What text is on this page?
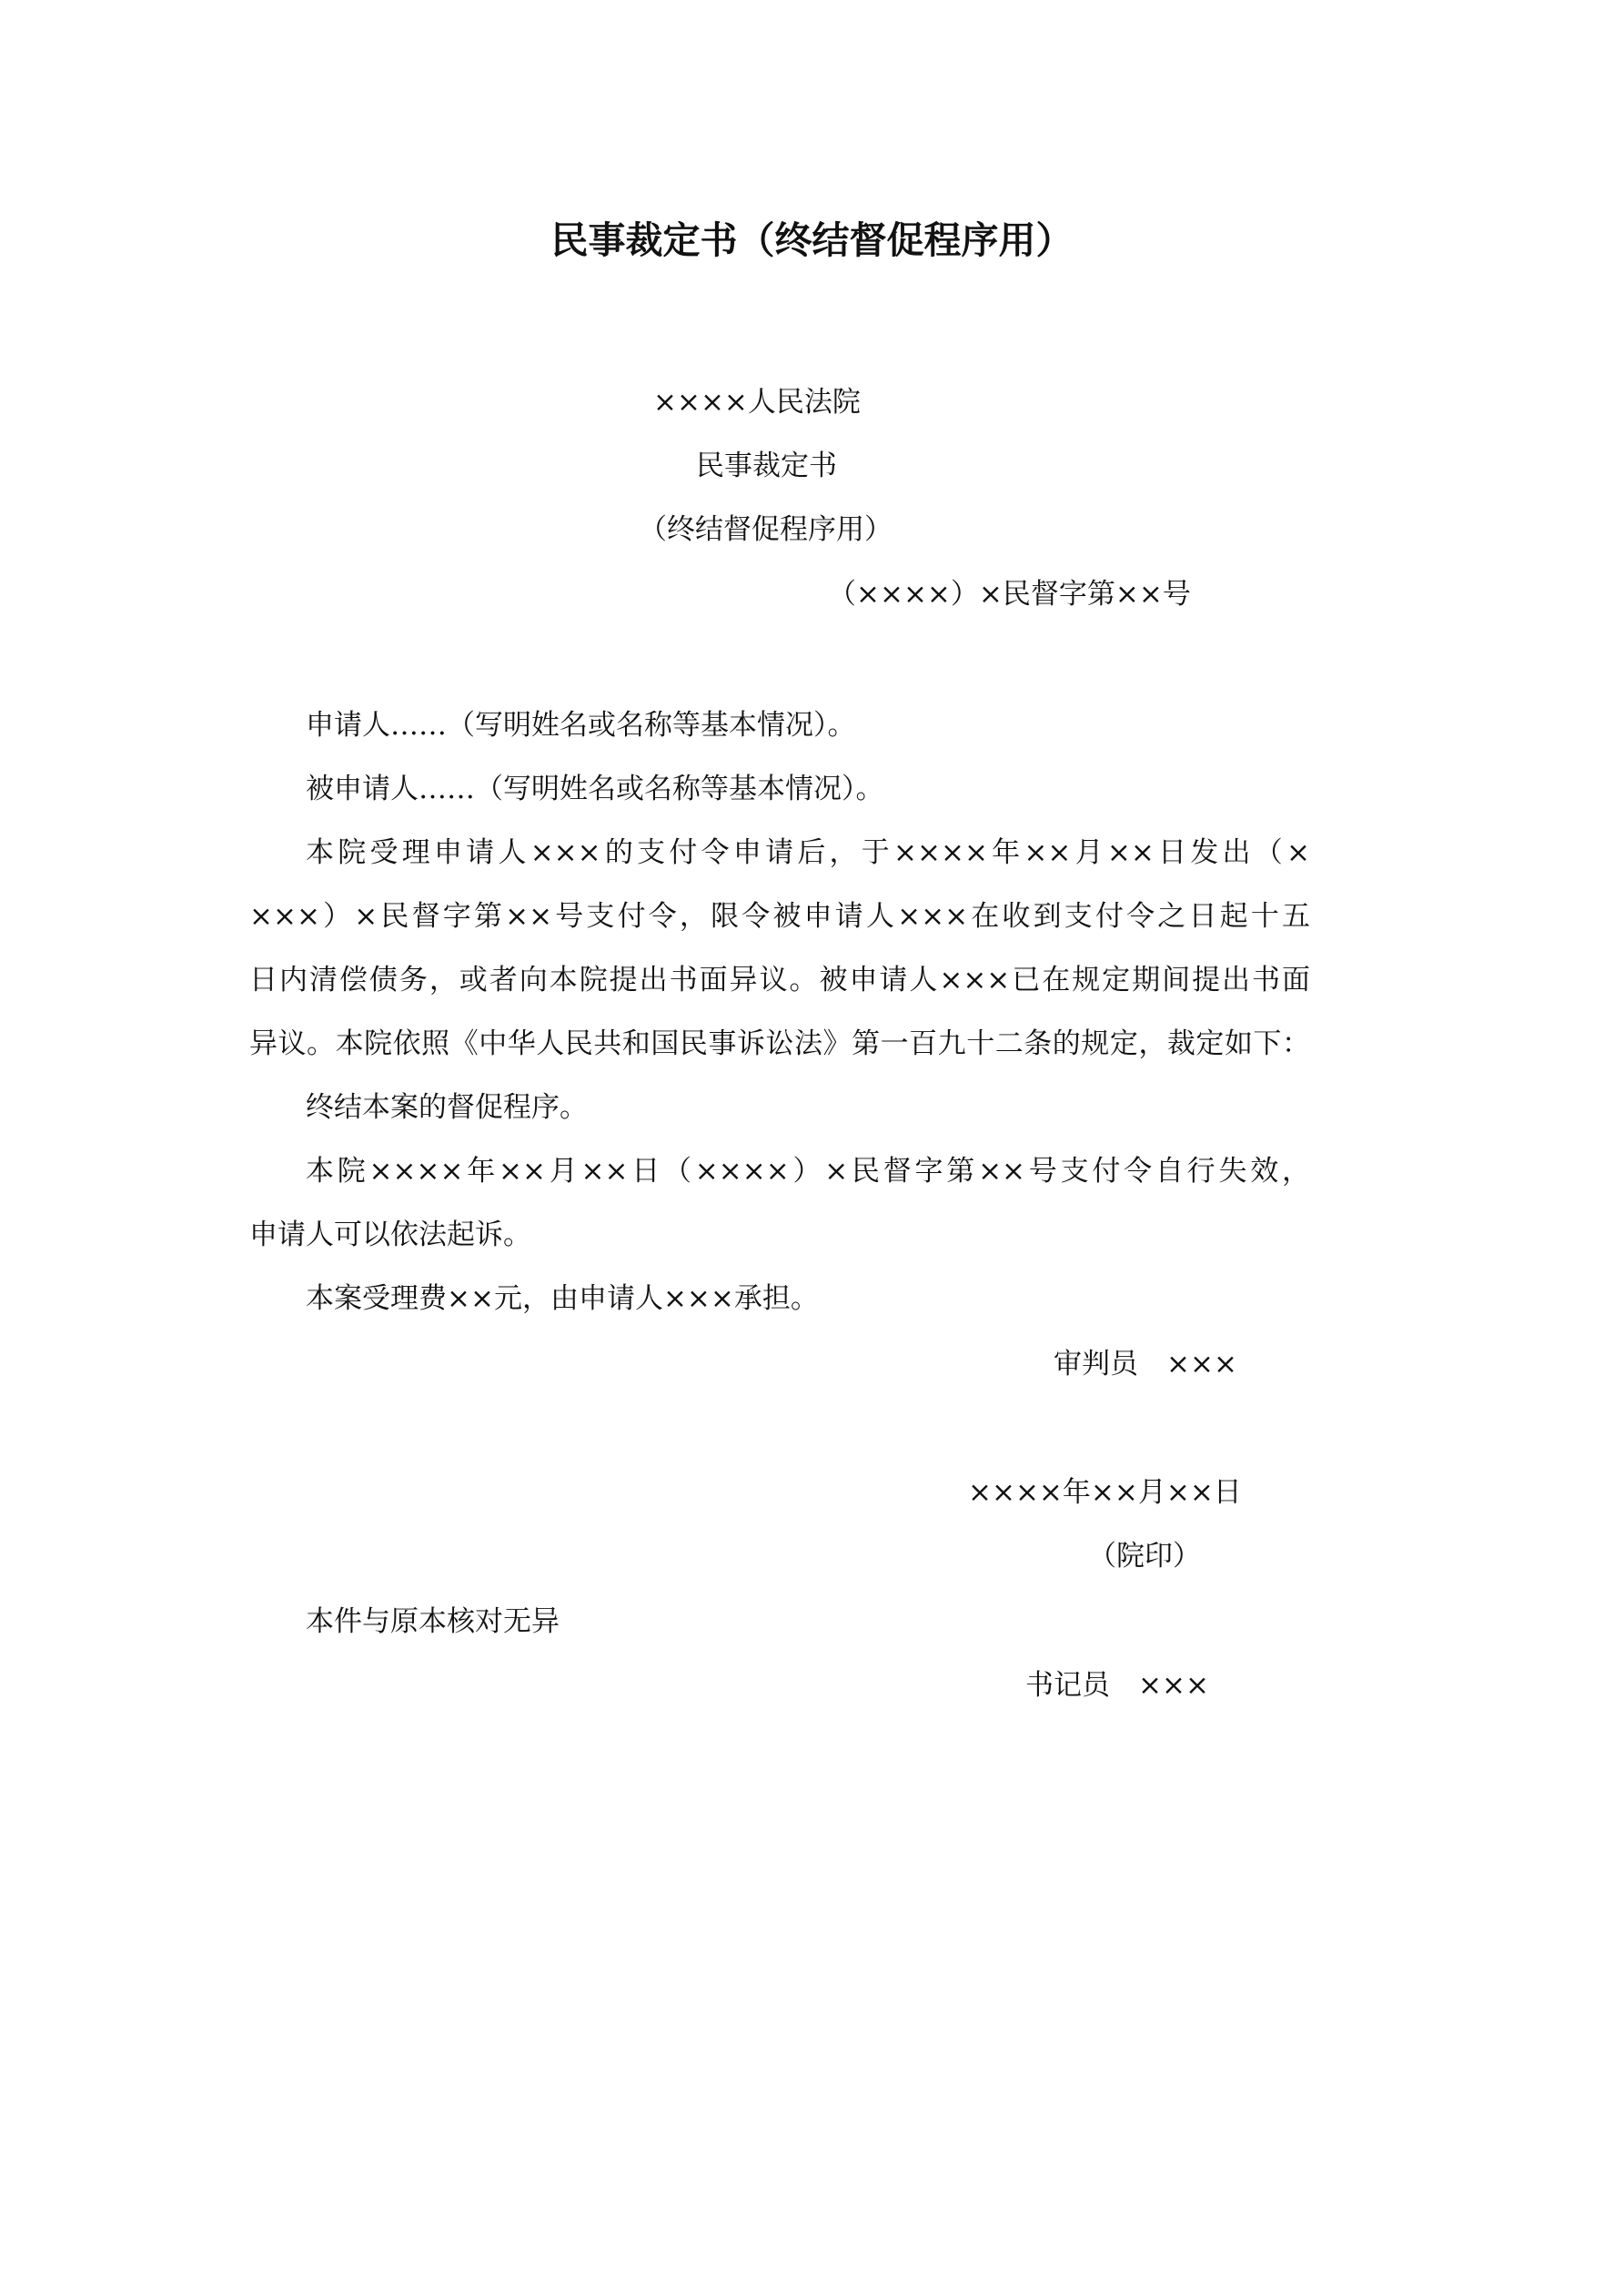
民事裁定书（终结督促程序用）
××××人民法院
民事裁定书
（终结督促程序用）
（××××）×民督字第××号
申请人……（写明姓名或名称等基本情况）。
被申请人……（写明姓名或名称等基本情况）。
本院受理申请人×××的支付令申请后，于××××年××月××日发出（×
×××）×民督字第××号支付令，限令被申请人×××在收到支付令之日起十五
日内清偿债务，或者向本院提出书面异议。被申请人×××已在规定期间提出书面
异议。本院依照《中华人民共和国民事诉讼法》第一百九十二条的规定，裁定如下：
终结本案的督促程序。
本院××××年××月××日（××××）×民督字第××号支付令自行失效，
申请人可以依法起诉。
本案受理费××元，由申请人×××承担。
审判员　×××
××××年××月××日
（院印）
本件与原本核对无异
书记员　×××
